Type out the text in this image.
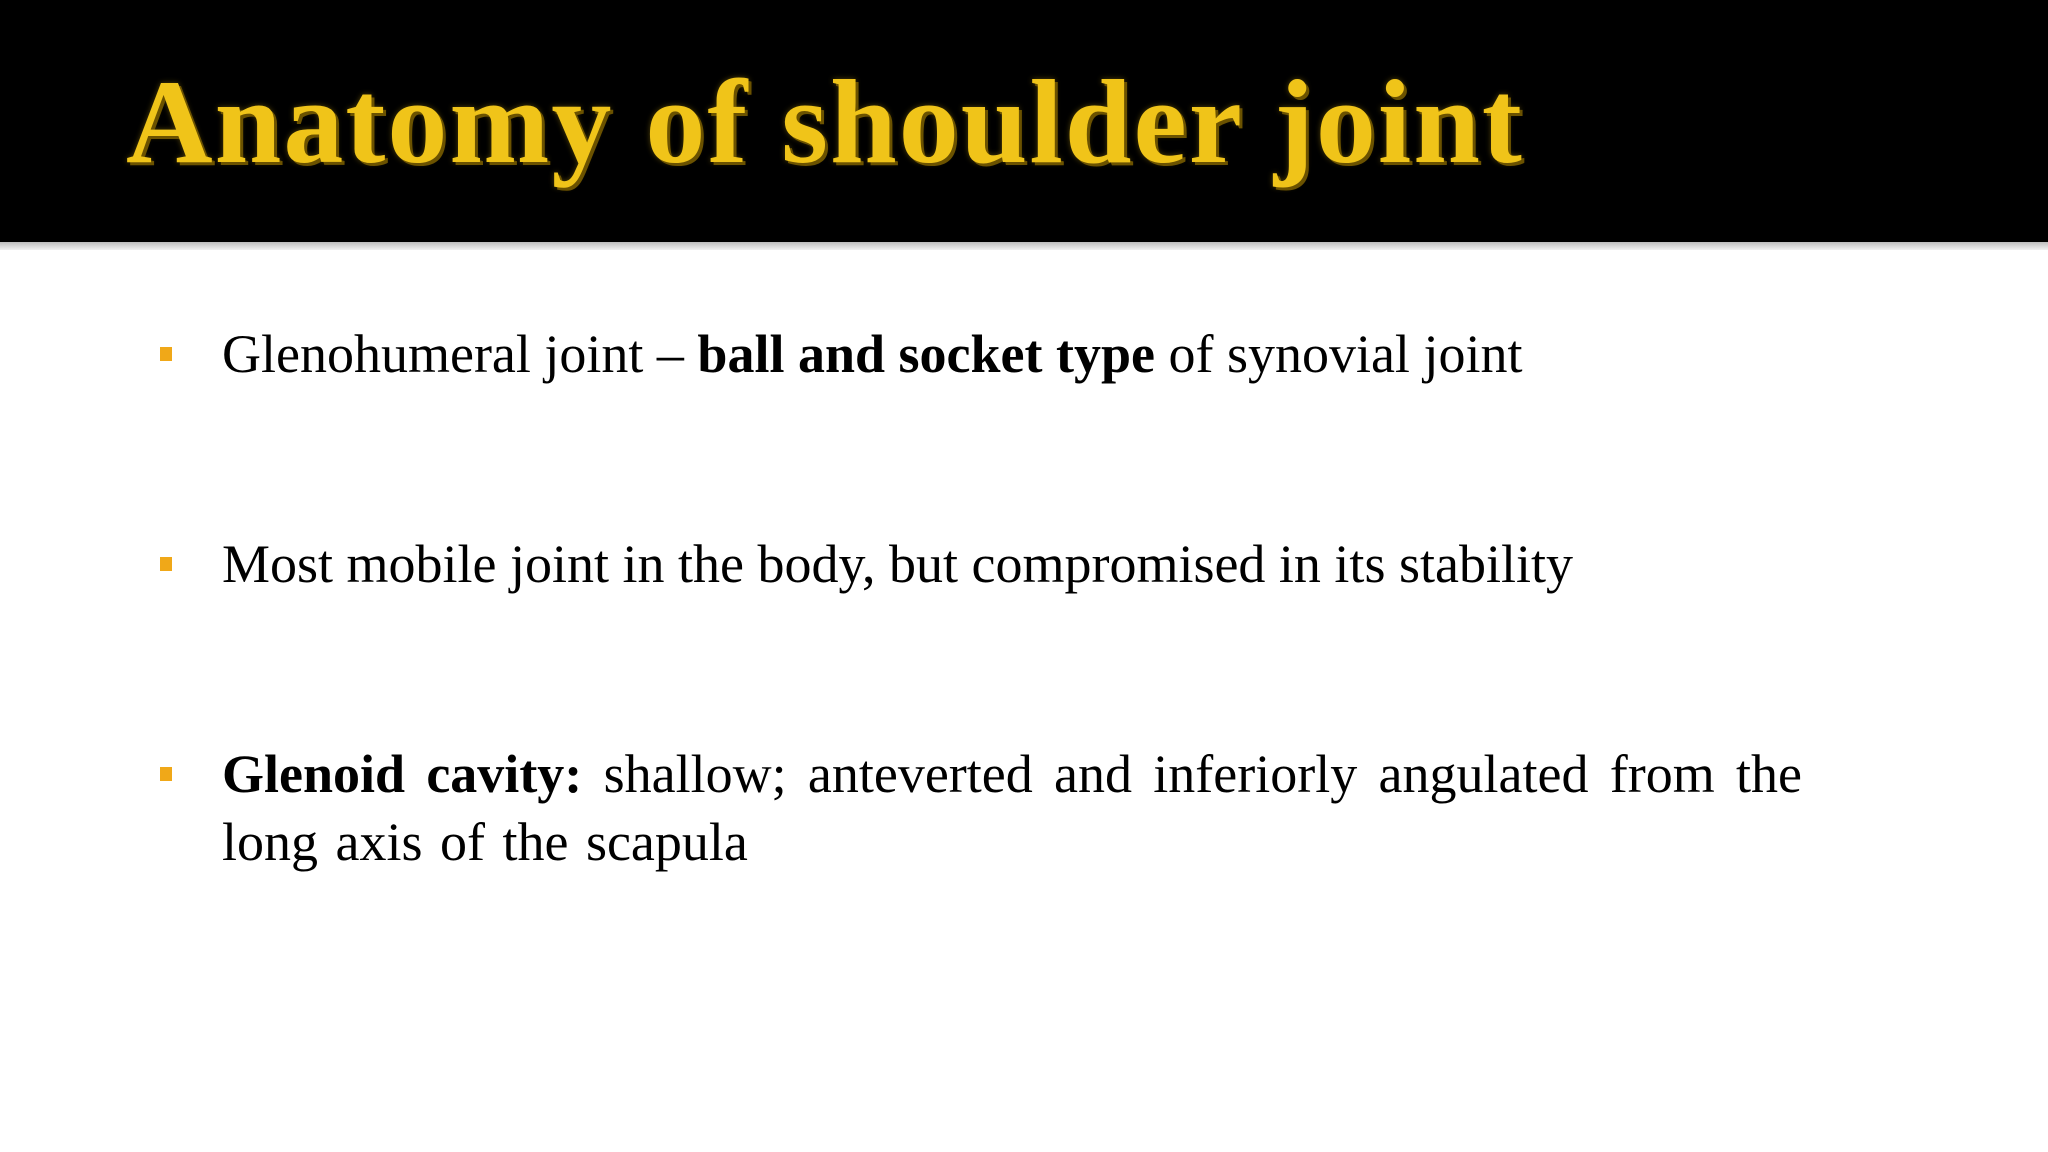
Anatomy of shoulder joint

Glenohumeral joint – ball and socket type of synovial joint

Most mobile joint in the body, but compromised in its stability

Glenoid cavity: shallow; anteverted and inferiorly angulated from the long axis of the scapula
